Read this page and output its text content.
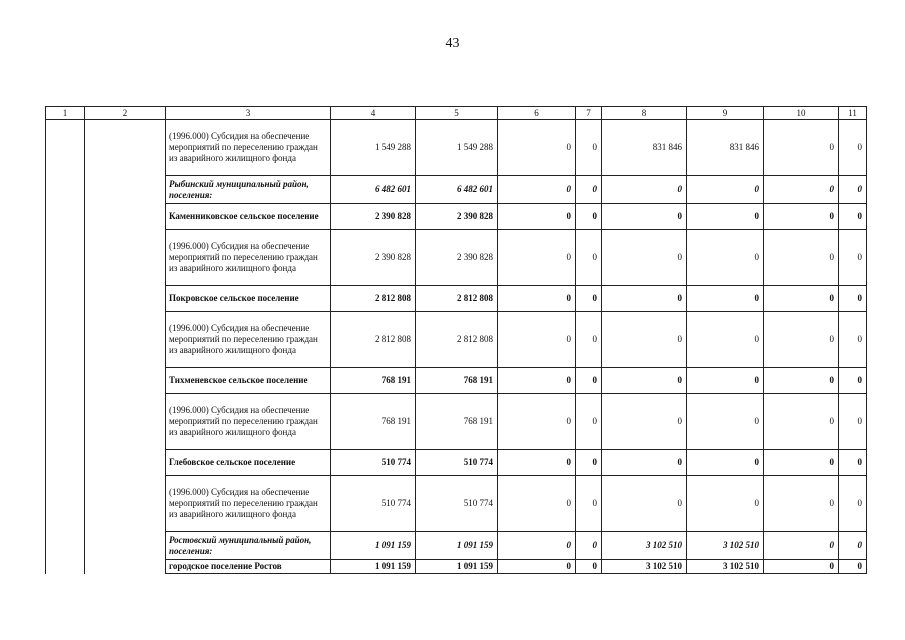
43
1	2	3	4	5	6	7	8	9	10	11
		(1996.000) Субсидия на обеспечение мероприятий по переселению граждан из аварийного жилищного фонда	1 549 288	1 549 288	0	0	831 846	831 846	0	0
		Рыбинский муниципальный район, поселения:	6 482 601	6 482 601	0	0	0	0	0	0
		Каменниковское сельское поселение	2 390 828	2 390 828	0	0	0	0	0	0
		(1996.000) Субсидия на обеспечение мероприятий по переселению граждан из аварийного жилищного фонда	2 390 828	2 390 828	0	0	0	0	0	0
		Покровское сельское поселение	2 812 808	2 812 808	0	0	0	0	0	0
		(1996.000) Субсидия на обеспечение мероприятий по переселению граждан из аварийного жилищного фонда	2 812 808	2 812 808	0	0	0	0	0	0
		Тихменевское сельское поселение	768 191	768 191	0	0	0	0	0	0
		(1996.000) Субсидия на обеспечение мероприятий по переселению граждан из аварийного жилищного фонда	768 191	768 191	0	0	0	0	0	0
		Глебовское сельское поселение	510 774	510 774	0	0	0	0	0	0
		(1996.000) Субсидия на обеспечение мероприятий по переселению граждан из аварийного жилищного фонда	510 774	510 774	0	0	0	0	0	0
		Ростовский муниципальный район, поселения:	1 091 159	1 091 159	0	0	3 102 510	3 102 510	0	0
		городское поселение Ростов	1 091 159	1 091 159	0	0	3 102 510	3 102 510	0	0
